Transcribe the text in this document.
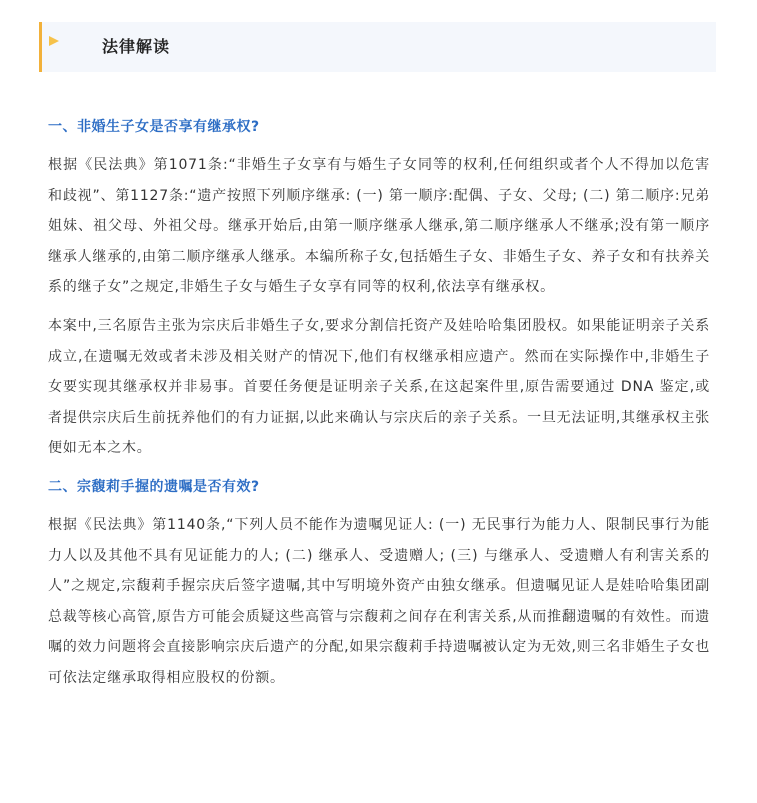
法律解读

一、非婚生子女是否享有继承权?

根据《民法典》第1071条:“非婚生子女享有与婚生子女同等的权利,任何组织或者个人不得加以危害和歧视”、第1127条:“遗产按照下列顺序继承: (一) 第一顺序:配偶、子女、父母; (二) 第二顺序:兄弟姐妹、祖父母、外祖父母。继承开始后,由第一顺序继承人继承,第二顺序继承人不继承;没有第一顺序继承人继承的,由第二顺序继承人继承。本编所称子女,包括婚生子女、非婚生子女、养子女和有扶养关系的继子女”之规定,非婚生子女与婚生子女享有同等的权利,依法享有继承权。

本案中,三名原告主张为宗庆后非婚生子女,要求分割信托资产及娃哈哈集团股权。如果能证明亲子关系成立,在遗嘱无效或者未涉及相关财产的情况下,他们有权继承相应遗产。然而在实际操作中,非婚生子女要实现其继承权并非易事。首要任务便是证明亲子关系,在这起案件里,原告需要通过 DNA 鉴定,或者提供宗庆后生前抚养他们的有力证据,以此来确认与宗庆后的亲子关系。一旦无法证明,其继承权主张便如无本之木。

二、宗馥莉手握的遗嘱是否有效?

根据《民法典》第1140条,“下列人员不能作为遗嘱见证人: (一) 无民事行为能力人、限制民事行为能力人以及其他不具有见证能力的人; (二) 继承人、受遗赠人; (三) 与继承人、受遗赠人有利害关系的人”之规定,宗馥莉手握宗庆后签字遗嘱,其中写明境外资产由独女继承。但遗嘱见证人是娃哈哈集团副总裁等核心高管,原告方可能会质疑这些高管与宗馥莉之间存在利害关系,从而推翻遗嘱的有效性。而遗嘱的效力问题将会直接影响宗庆后遗产的分配,如果宗馥莉手持遗嘱被认定为无效,则三名非婚生子女也可依法定继承取得相应股权的份额。
